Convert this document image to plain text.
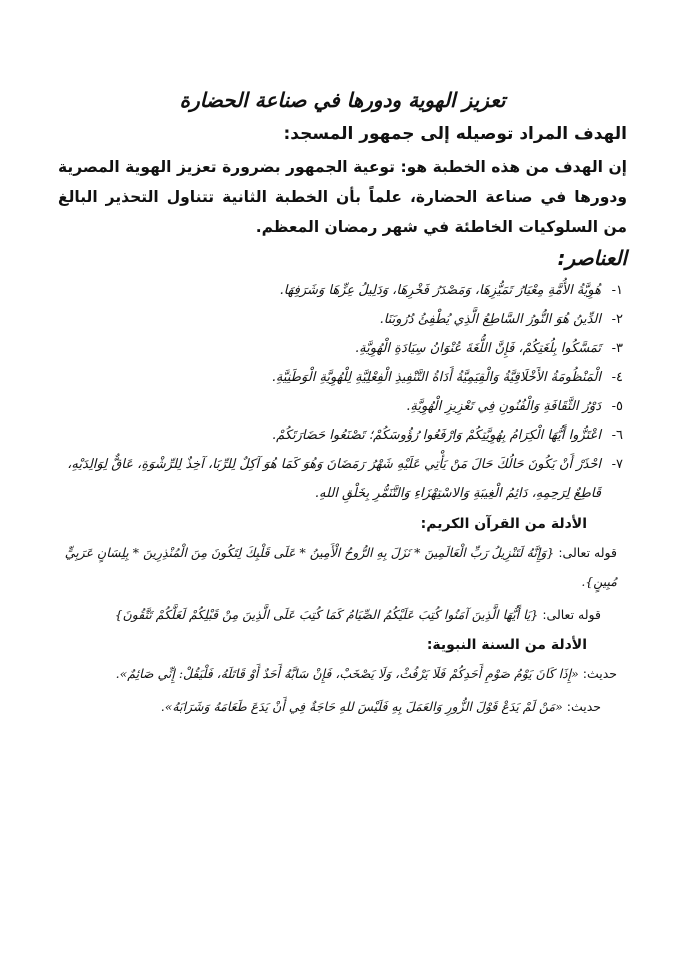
تعزيز الهوية ودورها في صناعة الحضارة
الهدف المراد توصيله إلى جمهور المسجد:
إن الهدف من هذه الخطبة هو: توعية الجمهور بضرورة تعزيز الهوية المصرية ودورها في صناعة الحضارة، علماً بأن الخطبة الثانية تتناول التحذير البالغ من السلوكيات الخاطئة في شهر رمضان المعظم.
العناصر:
١-
هُوِيَّةُ الأُمَّةِ مِعْيَارُ تَمَيُّزِهَا، وَمَصْدَرُ فَخْرِهَا، وَدَلِيلُ عِزِّهَا وَشَرَفِهَا.
٢-
الدِّينُ هُوَ النُّورُ السَّاطِعُ الَّذِي يُطْفِئُ دُرُوبَنَا.
٣-
تَمَسَّكُوا بِلُغَتِكُمْ، فَإِنَّ اللُّغَةَ عُنْوَانُ سِيَادَةِ الْهُوِيَّةِ.
٤-
الْمَنْظُومَةُ الأَخْلَاقِيَّةُ وَالْقِيَمِيَّةُ أَدَاةُ التَّنْفِيذِ الْفِعْلِيَّةِ لِلْهُوِيَّةِ الْوَطَنِيَّةِ.
٥-
دَوْرُ الثَّقَافَةِ وَالْفُنُونِ فِي تَعْزِيزِ الْهُوِيَّةِ.
٦-
اعْتَزُّوا أَيُّهَا الْكِرَامُ بِهُوِيَّتِكُمْ وَارْفَعُوا رُؤُوسَكُمْ؛ تَصْنَعُوا حَضَارَتَكُمْ.
٧-
احْذَرْ أَنْ يَكُونَ حَالُكَ حَالَ مَنْ يَأْتِي عَلَيْهِ شَهْرُ رَمَضَانَ وَهُوَ كَمَا هُوَ آكِلٌ لِلرِّبَا، آخِذٌ لِلرِّشْوَةِ، عَاقٌّ لِوَالِدَيْهِ، قَاطِعٌ لِرَحِمِهِ، دَائِمُ الْغِيبَةِ وَالاسْتِهْزَاءِ وَالتَّنَمُّرِ بِخَلْقِ اللهِ.
الأدلة من القرآن الكريم:
قوله تعالى: {وَإِنَّهُ لَتَنْزِيلُ رَبِّ الْعَالَمِينَ * نَزَلَ بِهِ الرُّوحُ الْأَمِينُ * عَلَى قَلْبِكَ لِتَكُونَ مِنَ الْمُنْذِرِينَ * بِلِسَانٍ عَرَبِيٍّ مُبِينٍ}.
قوله تعالى: {يَا أَيُّهَا الَّذِينَ آمَنُوا كُتِبَ عَلَيْكُمُ الصِّيَامُ كَمَا كُتِبَ عَلَى الَّذِينَ مِنْ قَبْلِكُمْ لَعَلَّكُمْ تَتَّقُونَ}
الأدلة من السنة النبوية:
حديث: «إِذَا كَانَ يَوْمُ صَوْمِ أَحَدِكُمْ فَلَا يَرْفُثْ، وَلَا يَصْخَبْ، فَإِنْ سَابَّهُ أَحَدٌ أَوْ قَاتَلَهُ، فَلْيَقُلْ: إِنِّي صَائِمٌ».
حديث: «مَنْ لَمْ يَدَعْ قَوْلَ الزُّورِ وَالعَمَلَ بِهِ فَلَيْسَ للهِ حَاجَةٌ فِي أَنْ يَدَعَ طَعَامَهُ وَشَرَابَهُ».
